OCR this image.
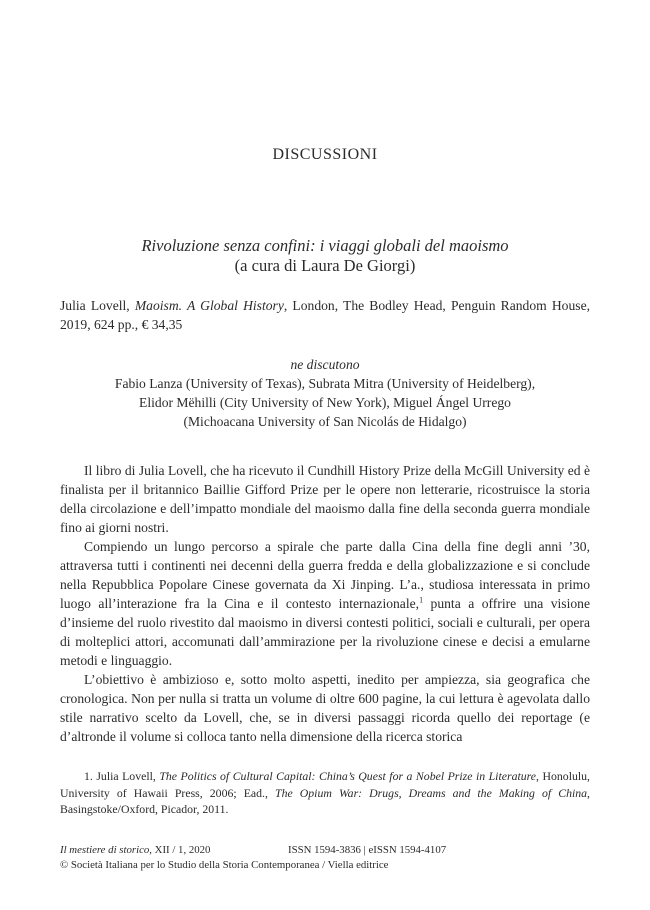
DISCUSSIONI
Rivoluzione senza confini: i viaggi globali del maoismo
(a cura di Laura De Giorgi)
Julia Lovell, Maoism. A Global History, London, The Bodley Head, Penguin Random House, 2019, 624 pp., € 34,35
ne discutono
Fabio Lanza (University of Texas), Subrata Mitra (University of Heidelberg),
Elidor Mëhilli (City University of New York), Miguel Ángel Urrego
(Michoacana University of San Nicolás de Hidalgo)

Il libro di Julia Lovell, che ha ricevuto il Cundhill History Prize della McGill University ed è finalista per il britannico Baillie Gifford Prize per le opere non letterarie, ricostruisce la storia della circolazione e dell’impatto mondiale del maoismo dalla fine della seconda guerra mondiale fino ai giorni nostri.

Compiendo un lungo percorso a spirale che parte dalla Cina della fine degli anni ’30, attraversa tutti i continenti nei decenni della guerra fredda e della globalizzazione e si conclude nella Repubblica Popolare Cinese governata da Xi Jinping. L’a., studiosa interessata in primo luogo all’interazione fra la Cina e il contesto internazionale,$^1$ punta a offrire una visione d’insieme del ruolo rivestito dal maoismo in diversi contesti politici, sociali e culturali, per opera di molteplici attori, accomunati dall’ammirazione per la rivoluzione cinese e decisi a emularne metodi e linguaggio.

L’obiettivo è ambizioso e, sotto molto aspetti, inedito per ampiezza, sia geografica che cronologica. Non per nulla si tratta un volume di oltre 600 pagine, la cui lettura è agevolata dallo stile narrativo scelto da Lovell, che, se in diversi passaggi ricorda quello dei reportage (e d’altronde il volume si colloca tanto nella dimensione della ricerca storica

1. Julia Lovell, The Politics of Cultural Capital: China’s Quest for a Nobel Prize in Literature, Honolulu, University of Hawaii Press, 2006; Ead., The Opium War: Drugs, Dreams and the Making of China, Basingstoke/Oxford, Picador, 2011.
Il mestiere di storico, XII / 1, 2020	ISSN 1594-3836 | eISSN 1594-4107
© Società Italiana per lo Studio della Storia Contemporanea / Viella editrice
